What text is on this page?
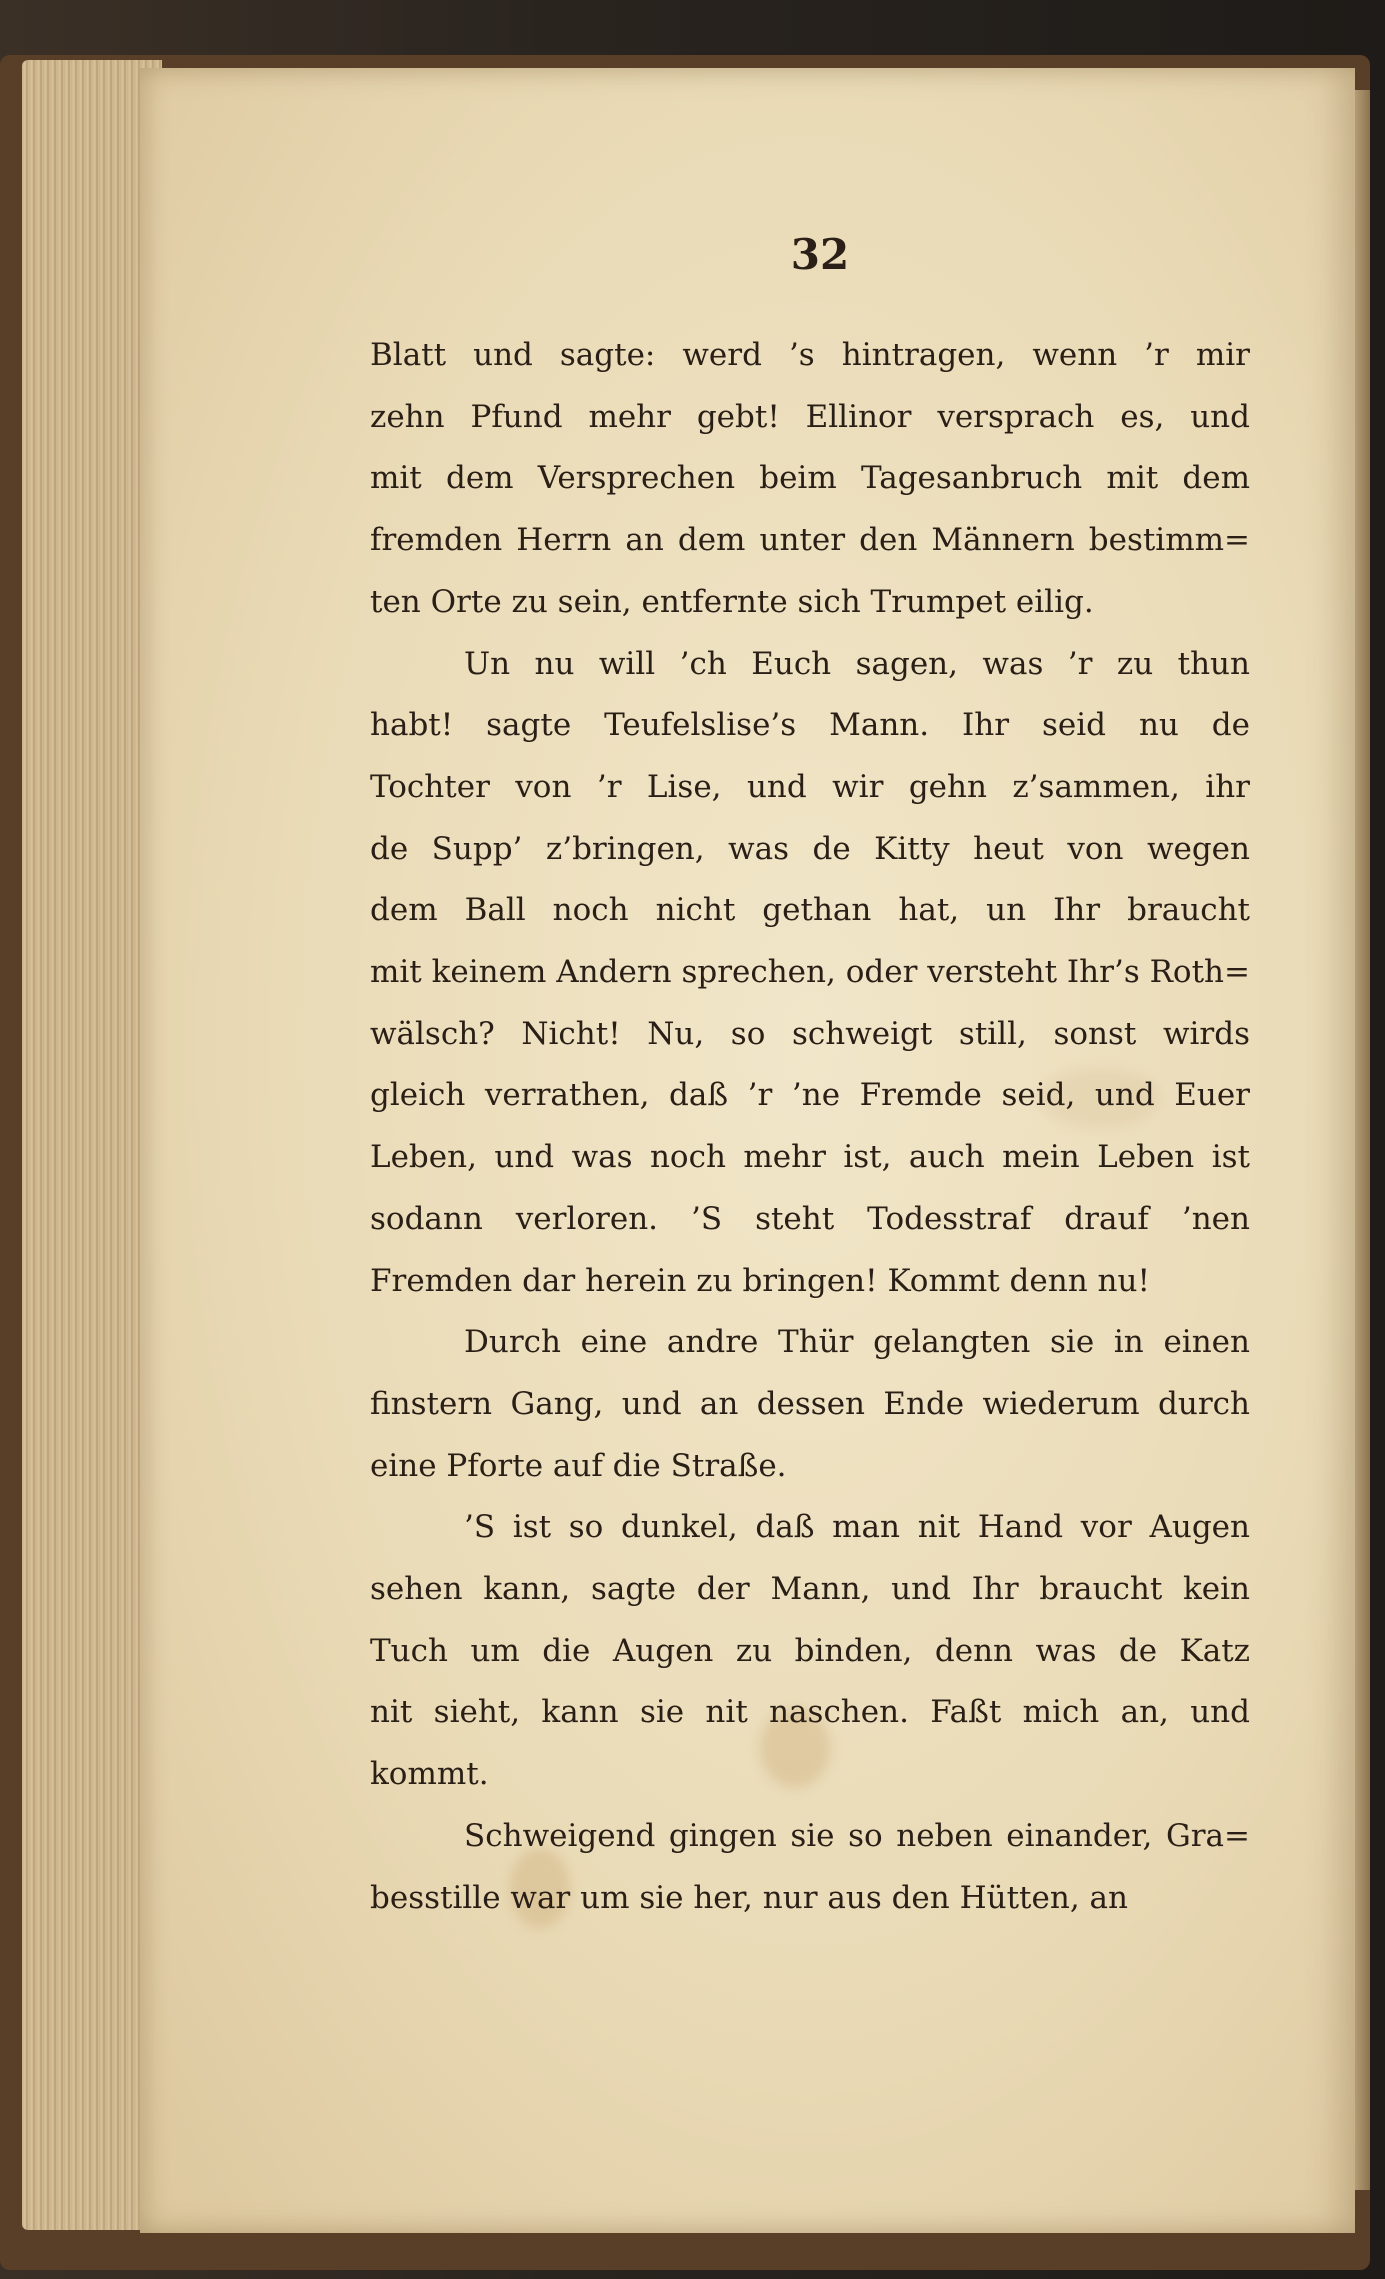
32
Blatt und sagte: werd ’s hintragen, wenn ’r mir
zehn Pfund mehr gebt! Ellinor versprach es, und
mit dem Versprechen beim Tagesanbruch mit dem
fremden Herrn an dem unter den Männern bestimm=
ten Orte zu sein, entfernte sich Trumpet eilig.
Un nu will ’ch Euch sagen, was ’r zu thun
habt! sagte Teufelslise’s Mann. Ihr seid nu de
Tochter von ’r Lise, und wir gehn z’sammen, ihr
de Supp’ z’bringen, was de Kitty heut von wegen
dem Ball noch nicht gethan hat, un Ihr braucht
mit keinem Andern sprechen, oder versteht Ihr’s Roth=
wälsch? Nicht! Nu, so schweigt still, sonst wirds
gleich verrathen, daß ’r ’ne Fremde seid, und Euer
Leben, und was noch mehr ist, auch mein Leben ist
sodann verloren. ’S steht Todesstraf drauf ’nen
Fremden dar herein zu bringen! Kommt denn nu!
Durch eine andre Thür gelangten sie in einen
finstern Gang, und an dessen Ende wiederum durch
eine Pforte auf die Straße.
’S ist so dunkel, daß man nit Hand vor Augen
sehen kann, sagte der Mann, und Ihr braucht kein
Tuch um die Augen zu binden, denn was de Katz
nit sieht, kann sie nit naschen. Faßt mich an, und
kommt.
Schweigend gingen sie so neben einander, Gra=
besstille war um sie her, nur aus den Hütten, an
